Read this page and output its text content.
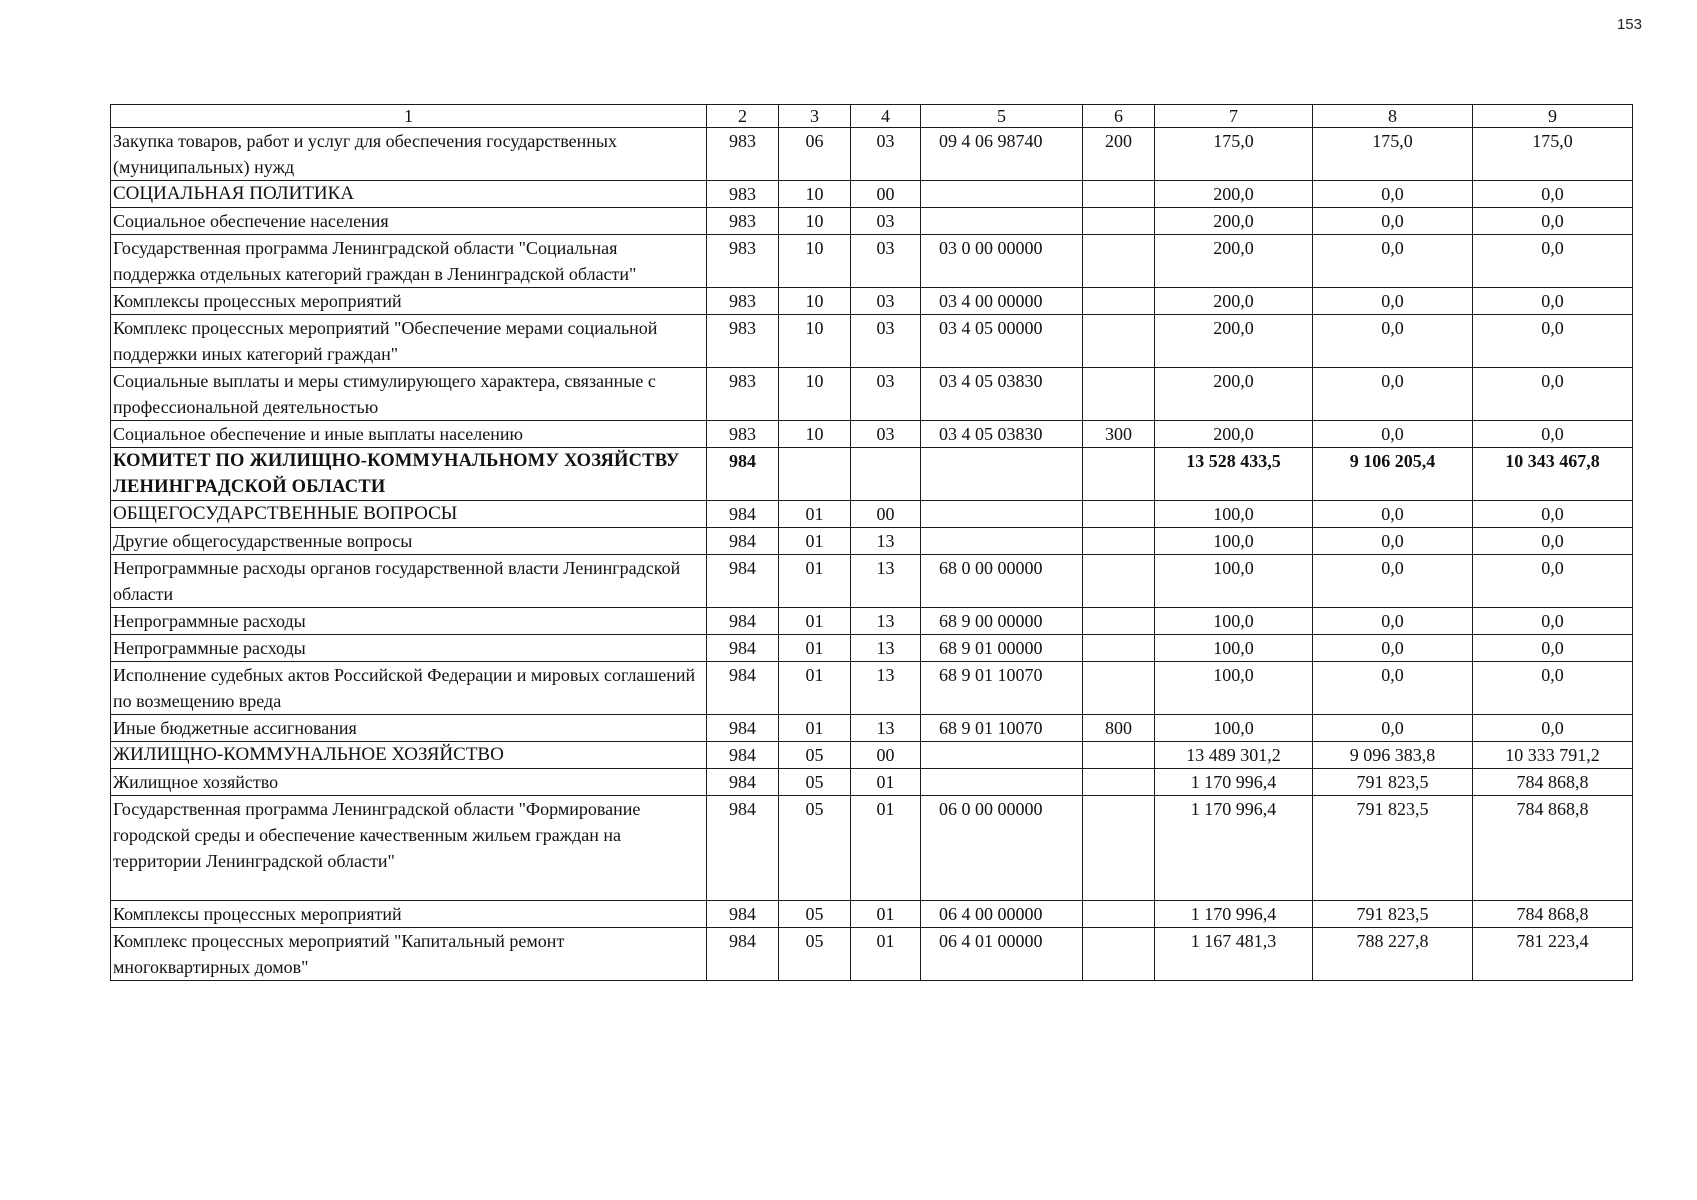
153
1	2	3	4	5	6	7	8	9
Закупка товаров, работ и услуг для обеспечения государственных (муниципальных) нужд	983	06	03	09 4 06 98740	200	175,0	175,0	175,0
СОЦИАЛЬНАЯ ПОЛИТИКА	983	10	00			200,0	0,0	0,0
Социальное обеспечение населения	983	10	03			200,0	0,0	0,0
Государственная программа Ленинградской области "Социальная поддержка отдельных категорий граждан в Ленинградской области"	983	10	03	03 0 00 00000		200,0	0,0	0,0
Комплексы процессных мероприятий	983	10	03	03 4 00 00000		200,0	0,0	0,0
Комплекс процессных мероприятий "Обеспечение мерами социальной поддержки иных категорий граждан"	983	10	03	03 4 05 00000		200,0	0,0	0,0
Социальные выплаты и меры стимулирующего характера, связанные с профессиональной деятельностью	983	10	03	03 4 05 03830		200,0	0,0	0,0
Социальное обеспечение и иные выплаты населению	983	10	03	03 4 05 03830	300	200,0	0,0	0,0
КОМИТЕТ ПО ЖИЛИЩНО-КОММУНАЛЬНОМУ ХОЗЯЙСТВУ ЛЕНИНГРАДСКОЙ ОБЛАСТИ	984					13 528 433,5	9 106 205,4	10 343 467,8
ОБЩЕГОСУДАРСТВЕННЫЕ ВОПРОСЫ	984	01	00			100,0	0,0	0,0
Другие общегосударственные вопросы	984	01	13			100,0	0,0	0,0
Непрограммные расходы органов государственной власти Ленинградской области	984	01	13	68 0 00 00000		100,0	0,0	0,0
Непрограммные расходы	984	01	13	68 9 00 00000		100,0	0,0	0,0
Непрограммные расходы	984	01	13	68 9 01 00000		100,0	0,0	0,0
Исполнение судебных актов Российской Федерации и мировых соглашений по возмещению вреда	984	01	13	68 9 01 10070		100,0	0,0	0,0
Иные бюджетные ассигнования	984	01	13	68 9 01 10070	800	100,0	0,0	0,0
ЖИЛИЩНО-КОММУНАЛЬНОЕ ХОЗЯЙСТВО	984	05	00			13 489 301,2	9 096 383,8	10 333 791,2
Жилищное хозяйство	984	05	01			1 170 996,4	791 823,5	784 868,8
Государственная программа Ленинградской области "Формирование городской среды и обеспечение качественным жильем граждан на территории Ленинградской области"	984	05	01	06 0 00 00000		1 170 996,4	791 823,5	784 868,8
Комплексы процессных мероприятий	984	05	01	06 4 00 00000		1 170 996,4	791 823,5	784 868,8
Комплекс процессных мероприятий "Капитальный ремонт многоквартирных домов"	984	05	01	06 4 01 00000		1 167 481,3	788 227,8	781 223,4
